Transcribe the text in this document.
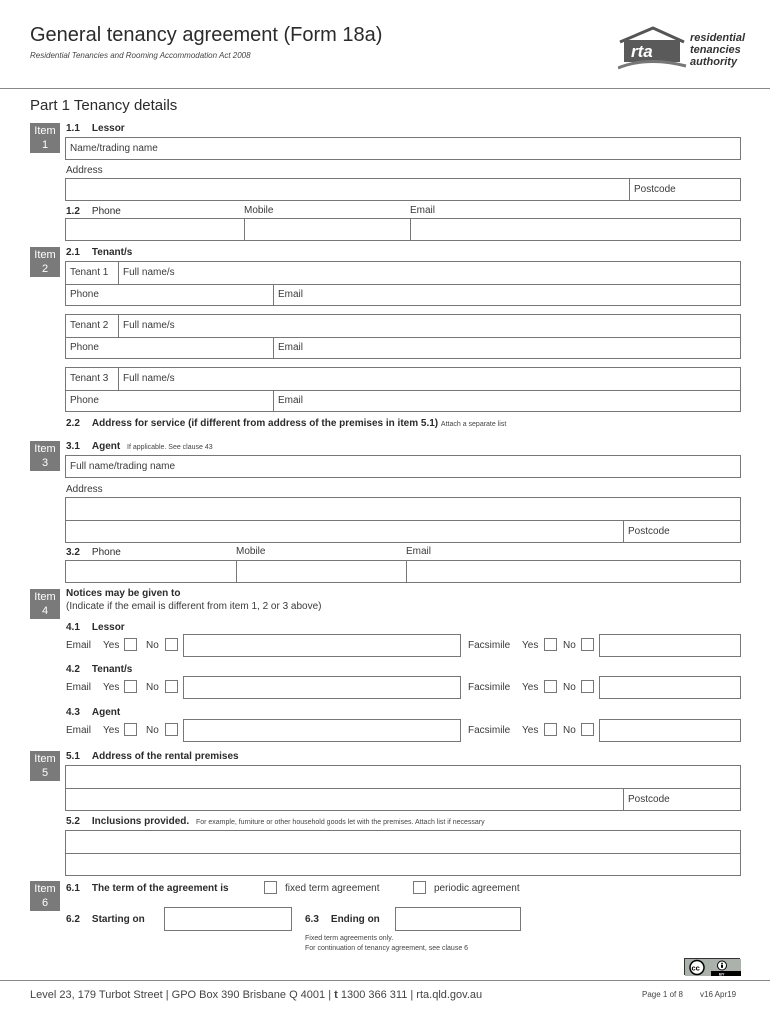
General tenancy agreement (Form 18a)
Residential Tenancies and Rooming Accommodation Act 2008	rta
residential
tenancies
authority
Part 1 Tenancy details
Item
1
1.1 Lessor
Name/trading name
Address
Postcode
1.2 Phone	Mobile	Email
Item
2
2.1 Tenant/s
Tenant 1 Full name/s
Phone	Email
Tenant 2 Full name/s
Phone	Email
Tenant 3 Full name/s
Phone	Email
2.2 Address for service (if different from address of the premises in item 5.1) Attach a separate list
Item
3
3.1 Agent If applicable. See clause 43
Full name/trading name
Address
Postcode
3.2 Phone	Mobile	Email
Item
4
Notices may be given to
(Indicate if the email is different from item 1, 2 or 3 above)
4.1 Lessor
Email Yes	No	Facsimile Yes No
4.2 Tenant/s
Email Yes	No	Facsimile Yes No
4.3 Agent
Email Yes	No	Facsimile Yes No
Item
5
5.1 Address of the rental premises
Postcode
5.2 Inclusions provided. For example, furniture or other household goods let with the premises. Attach list if necessary
Item
6
6.1 The term of the agreement is	fixed term agreement	periodic agreement
6.2 Starting on	6.3 Ending on
Fixed term agreements only.
For continuation of tenancy agreement, see clause 6
cc
BY
Level 23, 179 Turbot Street | GPO Box 390 Brisbane Q 4001 | t 1300 366 311 | rta.qld.gov.au	Page 1 of 8 v16 Apr19
